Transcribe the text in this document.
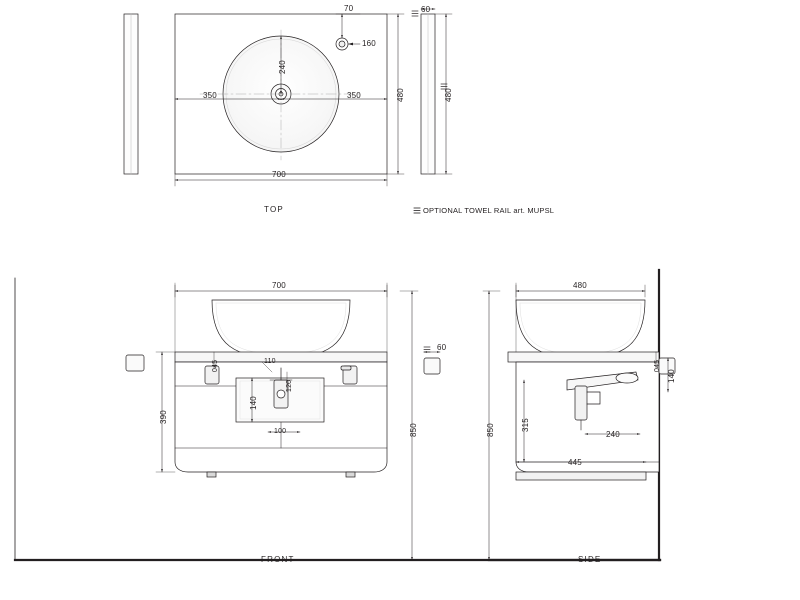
70
160
240
350	350
700
480
60
480
TOP	OPTIONAL TOWEL RAIL art. MUPSL
700
390
850
140
045	110
120
100
60
FRONT
480
850	315
240
445
140
045
SIDE
